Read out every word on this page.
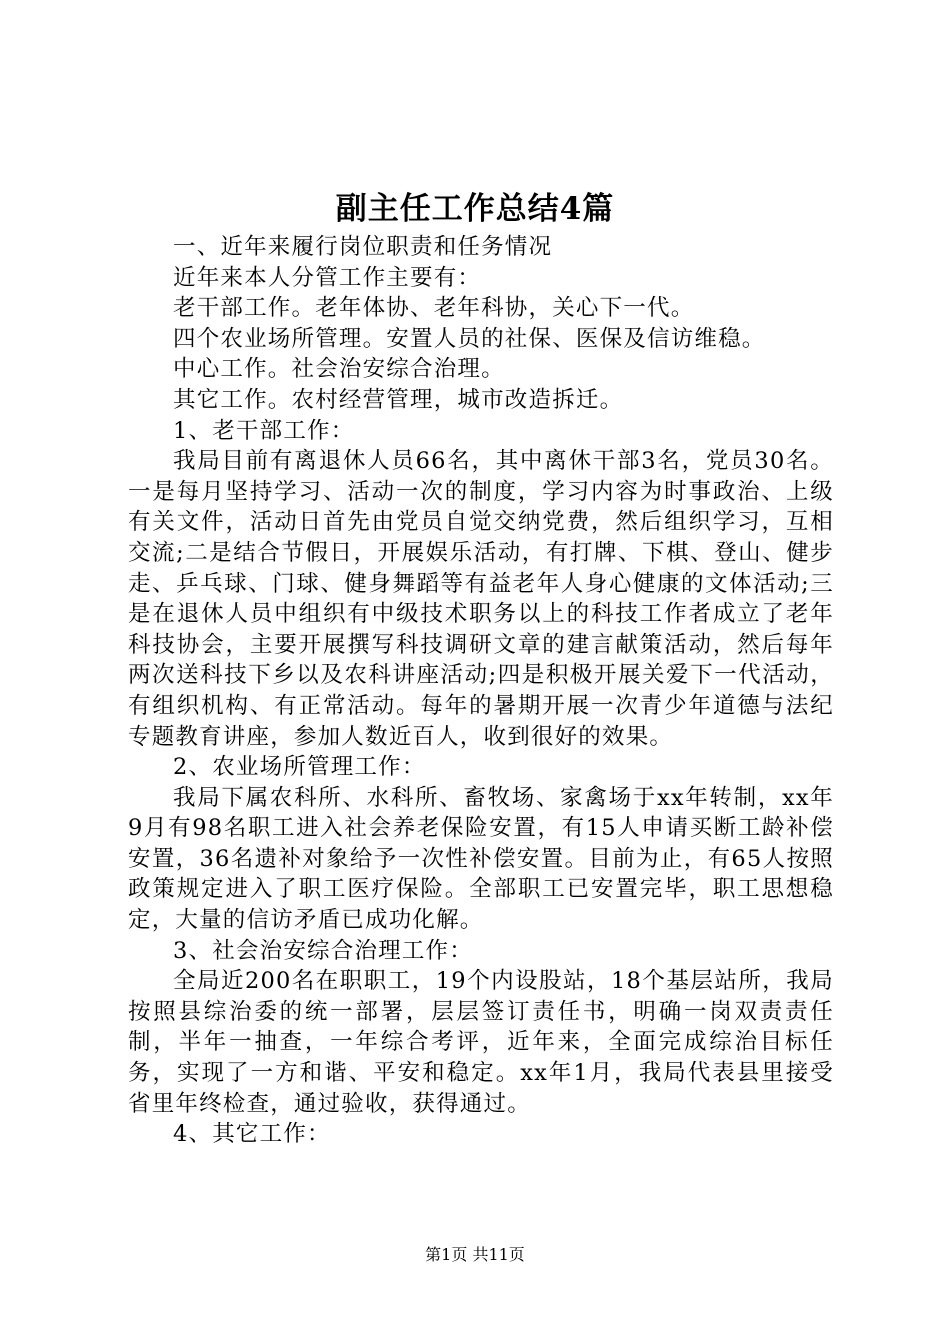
副主任工作总结4篇

一、近年来履行岗位职责和任务情况

近年来本人分管工作主要有：

老干部工作。老年体协、老年科协，关心下一代。

四个农业场所管理。安置人员的社保、医保及信访维稳。

中心工作。社会治安综合治理。

其它工作。农村经营管理，城市改造拆迁。

1、老干部工作：

我局目前有离退休人员66名，其中离休干部3名，党员30名。一是每月坚持学习、活动一次的制度，学习内容为时事政治、上级有关文件，活动日首先由党员自觉交纳党费，然后组织学习，互相交流;二是结合节假日，开展娱乐活动，有打牌、下棋、登山、健步走、乒乓球、门球、健身舞蹈等有益老年人身心健康的文体活动;三是在退休人员中组织有中级技术职务以上的科技工作者成立了老年科技协会，主要开展撰写科技调研文章的建言献策活动，然后每年两次送科技下乡以及农科讲座活动;四是积极开展关爱下一代活动，有组织机构、有正常活动。每年的暑期开展一次青少年道德与法纪专题教育讲座，参加人数近百人，收到很好的效果。

2、农业场所管理工作：

我局下属农科所、水科所、畜牧场、家禽场于xx年转制，xx年9月有98名职工进入社会养老保险安置，有15人申请买断工龄补偿安置，36名遗补对象给予一次性补偿安置。目前为止，有65人按照政策规定进入了职工医疗保险。全部职工已安置完毕，职工思想稳定，大量的信访矛盾已成功化解。

3、社会治安综合治理工作：

全局近200名在职职工，19个内设股站，18个基层站所，我局按照县综治委的统一部署，层层签订责任书，明确一岗双责责任制，半年一抽查，一年综合考评，近年来，全面完成综治目标任务，实现了一方和谐、平安和稳定。xx年1月，我局代表县里接受省里年终检查，通过验收，获得通过。

4、其它工作：

第1页 共11页
